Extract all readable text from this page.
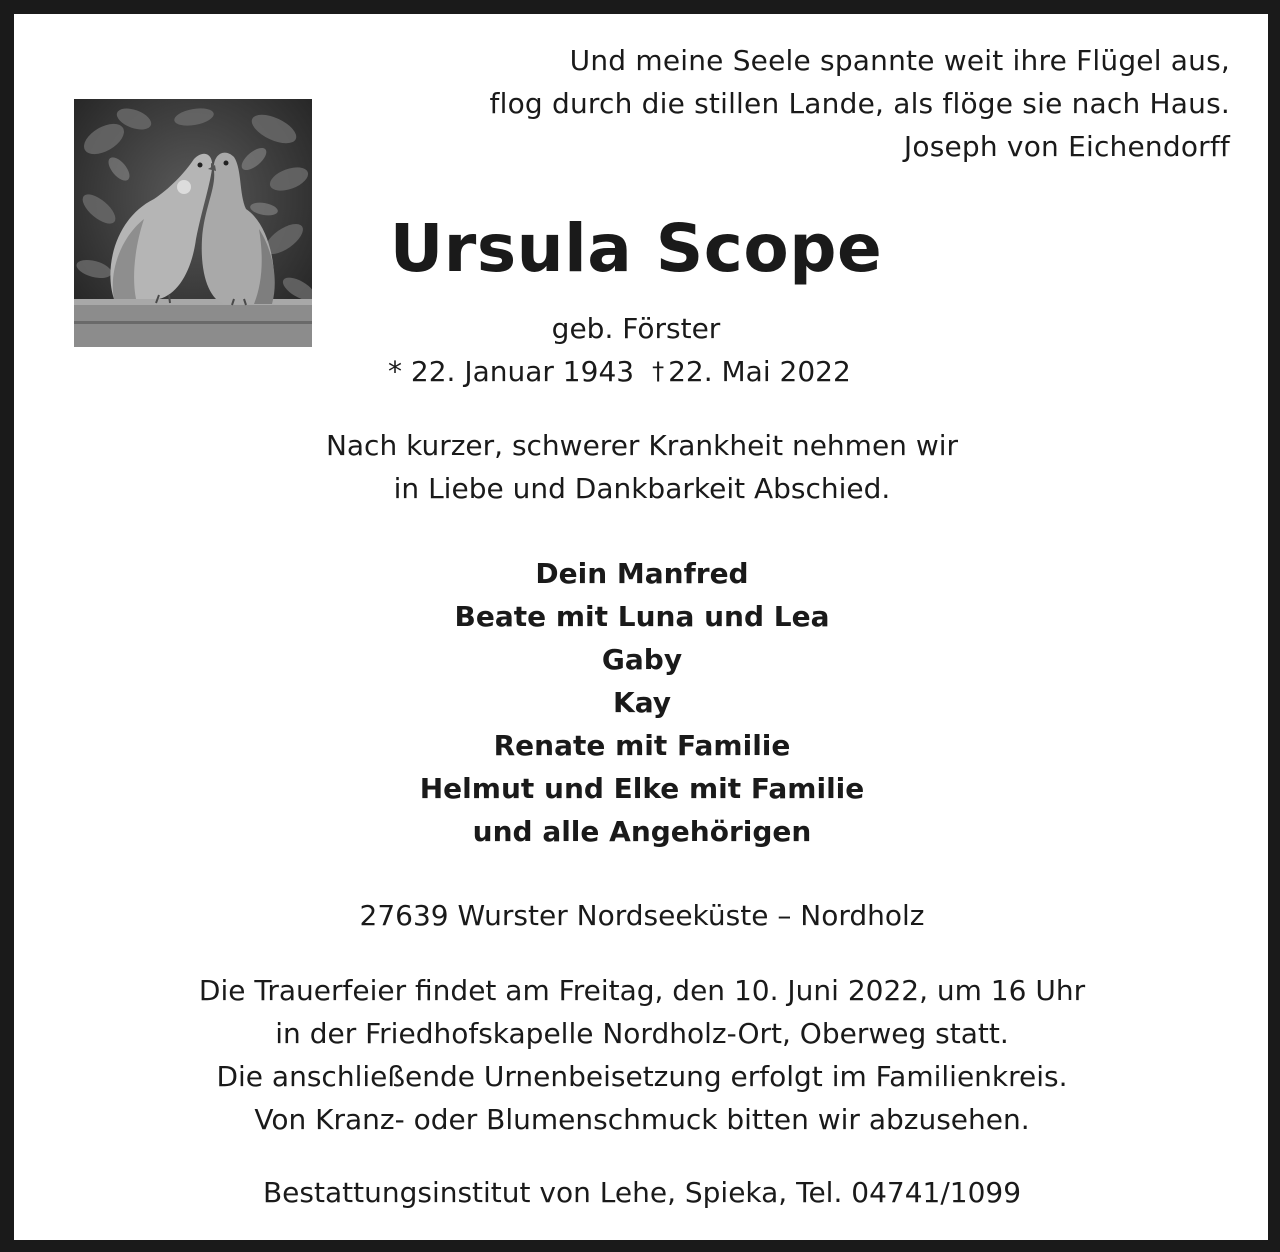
Und meine Seele spannte weit ihre Flügel aus,
flog durch die stillen Lande, als flöge sie nach Haus.
Joseph von Eichendorff
Ursula Scope
geb. Förster
* 22. Januar 1943 † 22. Mai 2022
Nach kurzer, schwerer Krankheit nehmen wir
in Liebe und Dankbarkeit Abschied.
Dein Manfred
Beate mit Luna und Lea
Gaby
Kay
Renate mit Familie
Helmut und Elke mit Familie
und alle Angehörigen
27639 Wurster Nordseeküste – Nordholz
Die Trauerfeier findet am Freitag, den 10. Juni 2022, um 16 Uhr
in der Friedhofskapelle Nordholz-Ort, Oberweg statt.
Die anschließende Urnenbeisetzung erfolgt im Familienkreis.
Von Kranz- oder Blumenschmuck bitten wir abzusehen.
Bestattungsinstitut von Lehe, Spieka, Tel. 04741/1099
